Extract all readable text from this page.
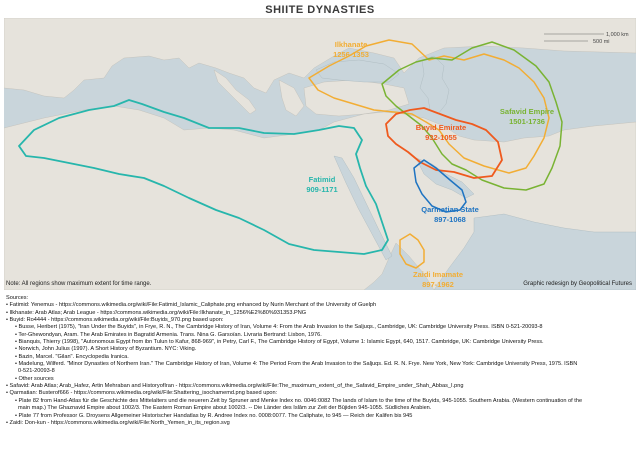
SHIITE DYNASTIES
1,000 km
500 mi
Ilkhanate
1256-1353
Safavid Empire
1501-1736
Buyid Emirate
932-1055
Fatimid
909-1171
Qarmatian State
897-1068
Zaidi Imamate
897-1962
Note: All regions show maximum extent for time range.	Graphic redesign by Geopolitical Futures
Sources:
• Fatimid: Yenemus - https://commons.wikimedia.org/wiki/File:Fatimid_Islamic_Caliphate.png enhanced by Nurin Merchant of the University of Guelph
• Ilkhanate: Arab Atlas; Arab League - https://commons.wikimedia.org/wiki/File:Ilkhanate_in_1256%E2%80%931353.PNG
• Buyid: Ro4444 - https://commons.wikimedia.org/wiki/File:Buyids_970.png based upon:
• Busse, Heribert (1975), "Iran Under the Buyids", in Frye, R. N., The Cambridge History of Iran, Volume 4: From the Arab Invasion to the Saljuqs., Cambridge, UK: Cambridge University Press. ISBN 0-521-20093-8
• Ter-Ghewondyan, Aram. The Arab Emirates in Bagratid Armenia. Trans. Nina G. Garsoïan. Livraria Bertrand: Lisbon, 1976.
• Bianquis, Thierry (1998), "Autonomous Egypt from ibn Tulun to Kafur, 868-969", in Petry, Carl F., The Cambridge History of Egypt, Volume 1: Islamic Egypt, 640, 1517. Cambridge, UK: Cambridge University Press.
• Norwich, John Julius (1997). A Short History of Byzantium. NYC: Viking.
• Bazin, Marcel. "Gilan". Encyclopedia Iranica.
• Madelung, Wilferd. "Minor Dynasties of Northern Iran." The Cambridge History of Iran, Volume 4: The Period From the Arab Invasion to the Saljuqs. Ed. R. N. Frye. New York, New York: Cambridge University Press, 1975. ISBN
0-521-20093-8
• Other sources
• Safavid: Arab Atlas; Arab_Hafez, Artin Mehraban and HistoryofIran - https://commons.wikimedia.org/wiki/File:The_maximum_extent_of_the_Safavid_Empire_under_Shah_Abbas_I.png
• Qarmatian: Busterof666 - https://commons.wikimedia.org/wiki/File:Shattering_isochamemd.png based upon:
• Plate 82 from Hand-Atlas für die Geschichte des Mittelalters und die neueren Zeit by Spruner and Menke Index no. 0046:0082 The lands of Islam to the time of the Buyids, 945-1055. Southern Arabia. (Western continuation of the
main map.) The Ghaznavid Empire about 1002/3. The Eastern Roman Empire about 1002/3. -- Die Länder des Islâm zur Zeit der Bûjiden 945-1055. Südliches Arabien.
• Plate 77 from Professor G. Droysens Allgemeiner Historischer Handatlas by R. Andree Index no. 0008:0077. The Caliphate, to 945 — Reich der Kalifen bis 945
• Zaidi: Don-kun - https://commons.wikimedia.org/wiki/File:North_Yemen_in_its_region.svg
